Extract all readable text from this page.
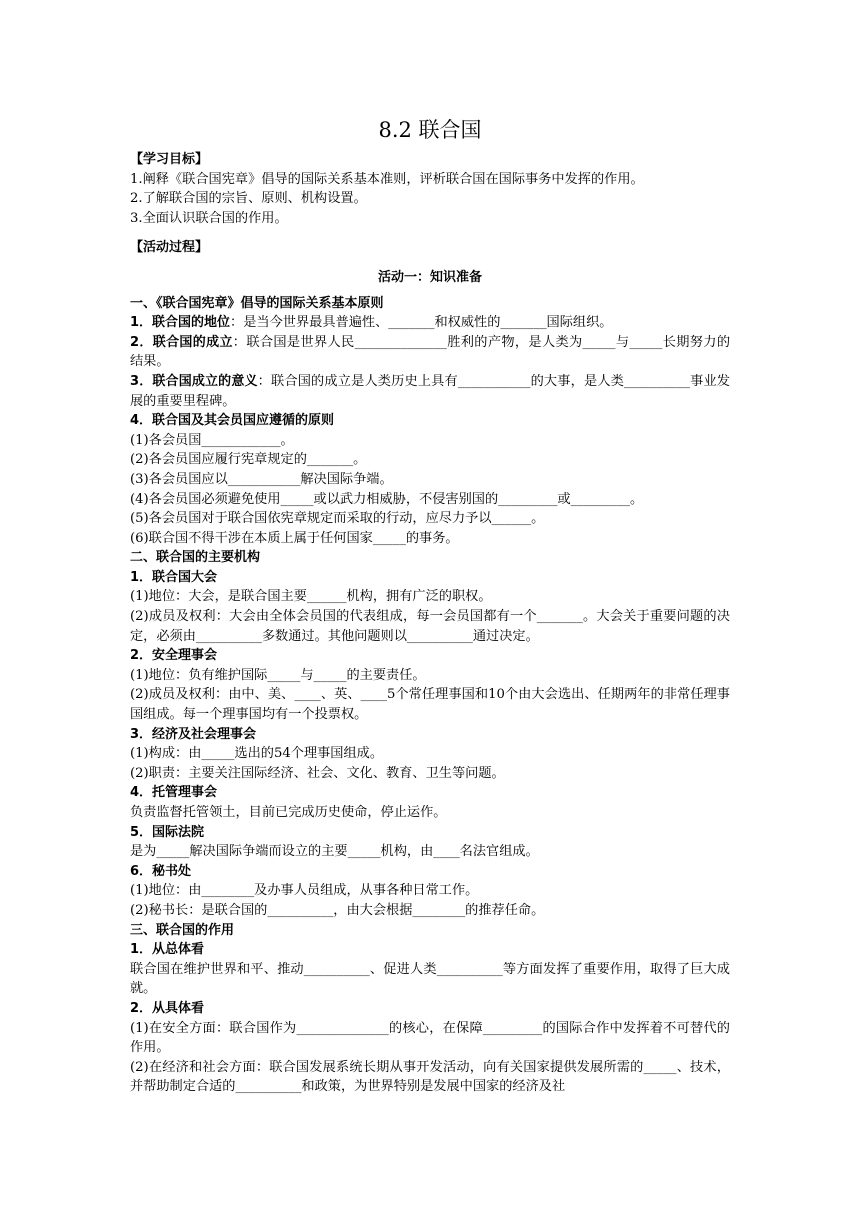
8.2 联合国
【学习目标】
1.阐释《联合国宪章》倡导的国际关系基本准则，评析联合国在国际事务中发挥的作用。
2.了解联合国的宗旨、原则、机构设置。
3.全面认识联合国的作用。
【活动过程】
活动一：知识准备
一、《联合国宪章》倡导的国际关系基本原则
1．联合国的地位：是当今世界最具普遍性、_______和权威性的_______国际组织。
2．联合国的成立：联合国是世界人民______________胜利的产物，是人类为_____与_____长期努力的结果。
3．联合国成立的意义：联合国的成立是人类历史上具有___________的大事，是人类__________事业发展的重要里程碑。
4．联合国及其会员国应遵循的原则
(1)各会员国____________。
(2)各会员国应履行宪章规定的_______。
(3)各会员国应以___________解决国际争端。
(4)各会员国必须避免使用_____或以武力相威胁，不侵害别国的_________或_________。
(5)各会员国对于联合国依宪章规定而采取的行动，应尽力予以______。
(6)联合国不得干涉在本质上属于任何国家_____的事务。
二、联合国的主要机构
1．联合国大会
(1)地位：大会，是联合国主要______机构，拥有广泛的职权。
(2)成员及权利：大会由全体会员国的代表组成，每一会员国都有一个_______。大会关于重要问题的决定，必须由__________多数通过。其他问题则以__________通过决定。
2．安全理事会
(1)地位：负有维护国际_____与_____的主要责任。
(2)成员及权利：由中、美、____、英、____5个常任理事国和10个由大会选出、任期两年的非常任理事国组成。每一个理事国均有一个投票权。
3．经济及社会理事会
(1)构成：由_____选出的54个理事国组成。
(2)职责：主要关注国际经济、社会、文化、教育、卫生等问题。
4．托管理事会
负责监督托管领土，目前已完成历史使命，停止运作。
5．国际法院
是为_____解决国际争端而设立的主要_____机构，由____名法官组成。
6．秘书处
(1)地位：由________及办事人员组成，从事各种日常工作。
(2)秘书长：是联合国的__________，由大会根据________的推荐任命。
三、联合国的作用
1．从总体看
联合国在维护世界和平、推动__________、促进人类__________等方面发挥了重要作用，取得了巨大成就。
2．从具体看
(1)在安全方面：联合国作为______________的核心，在保障_________的国际合作中发挥着不可替代的作用。
(2)在经济和社会方面：联合国发展系统长期从事开发活动，向有关国家提供发展所需的_____、技术，并帮助制定合适的__________和政策，为世界特别是发展中国家的经济及社
